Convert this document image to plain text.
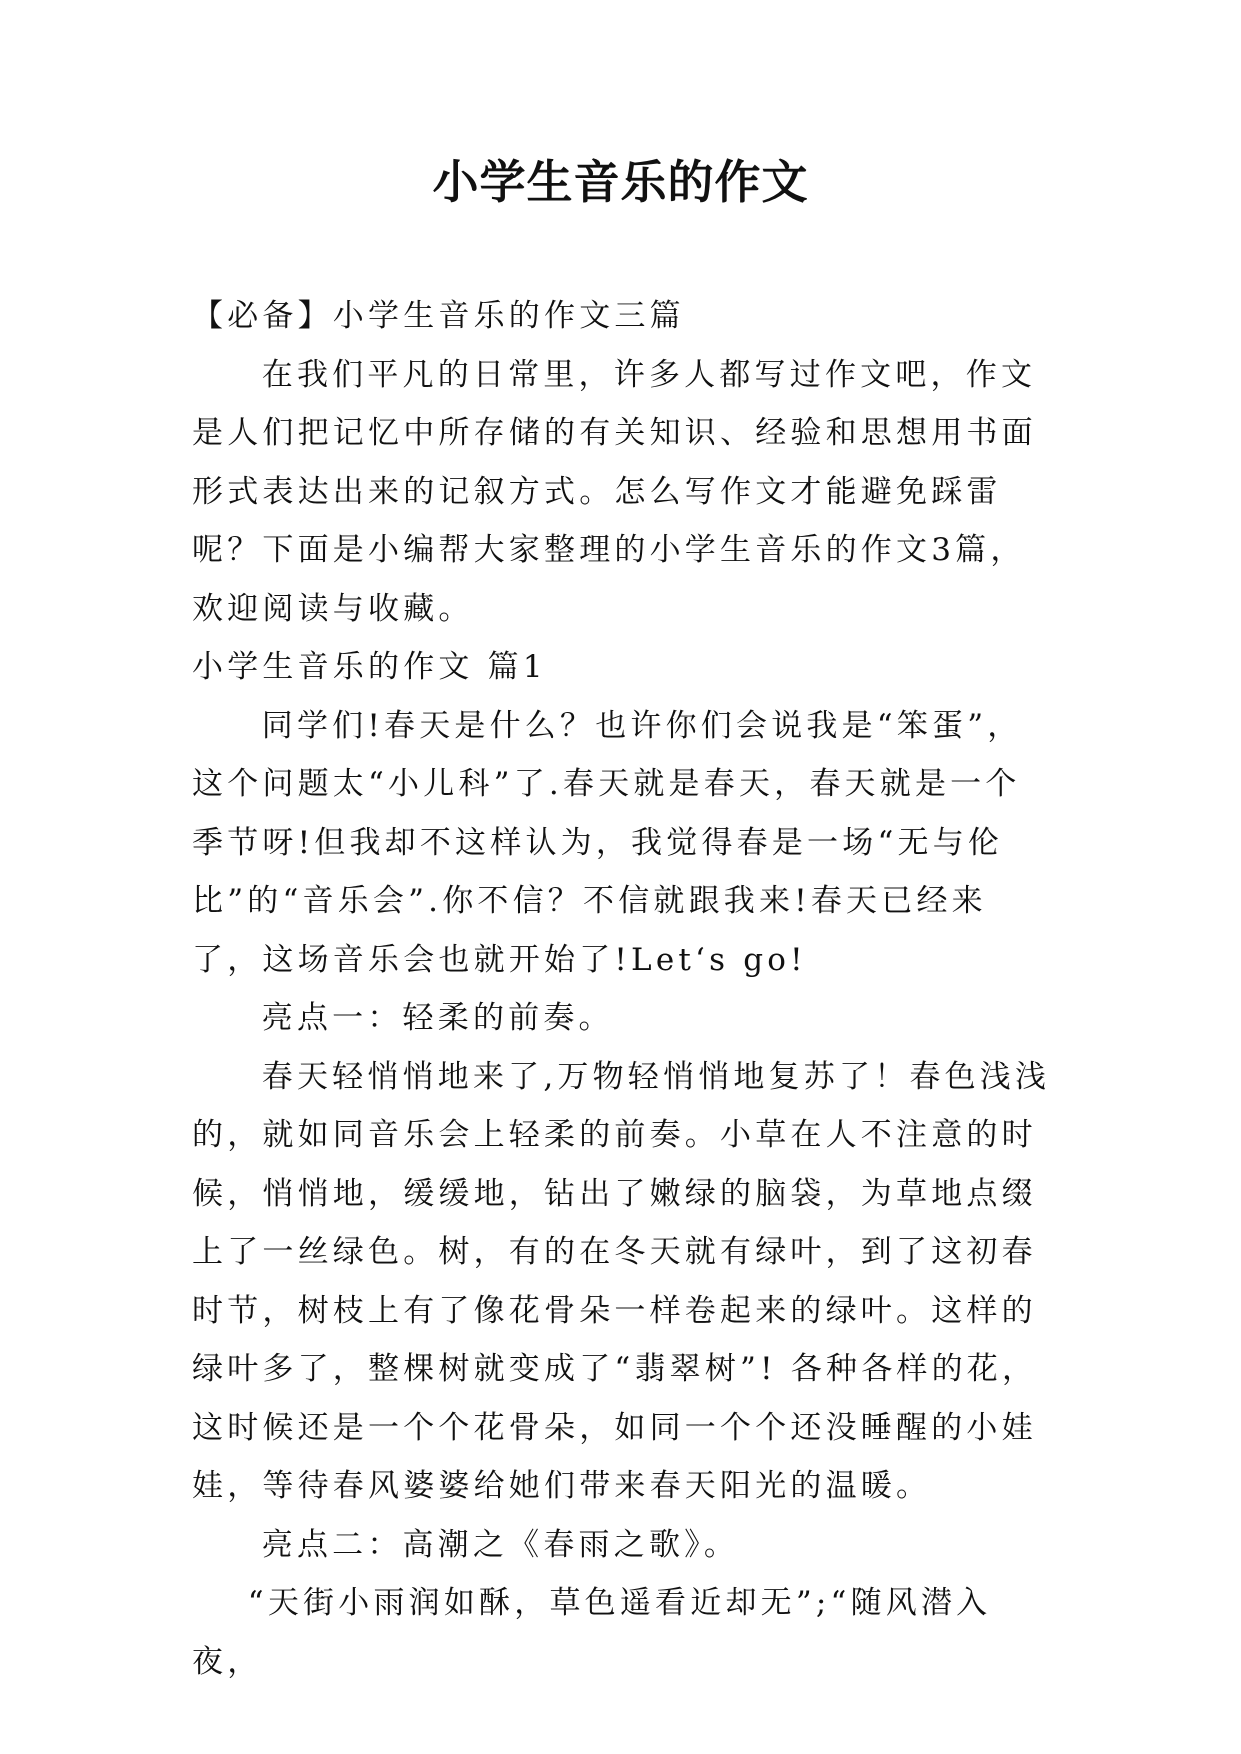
小学生音乐的作文

【必备】小学生音乐的作文三篇

在我们平凡的日常里，许多人都写过作文吧，作文是人们把记忆中所存储的有关知识、经验和思想用书面形式表达出来的记叙方式。怎么写作文才能避免踩雷呢？下面是小编帮大家整理的小学生音乐的作文3篇，欢迎阅读与收藏。

小学生音乐的作文 篇1

同学们!春天是什么？也许你们会说我是“笨蛋”，这个问题太“小儿科”了.春天就是春天，春天就是一个季节呀!但我却不这样认为，我觉得春是一场“无与伦比”的“音乐会”.你不信？不信就跟我来!春天已经来了，这场音乐会也就开始了!Let‘s go!

亮点一：轻柔的前奏。

春天轻悄悄地来了,万物轻悄悄地复苏了！春色浅浅的，就如同音乐会上轻柔的前奏。小草在人不注意的时候，悄悄地，缓缓地，钻出了嫩绿的脑袋，为草地点缀上了一丝绿色。树，有的在冬天就有绿叶，到了这初春时节，树枝上有了像花骨朵一样卷起来的绿叶。这样的绿叶多了，整棵树就变成了“翡翠树”! 各种各样的花，这时候还是一个个花骨朵，如同一个个还没睡醒的小娃娃，等待春风婆婆给她们带来春天阳光的温暖。

亮点二：高潮之《春雨之歌》。

“天街小雨润如酥，草色遥看近却无”;“随风潜入夜，
